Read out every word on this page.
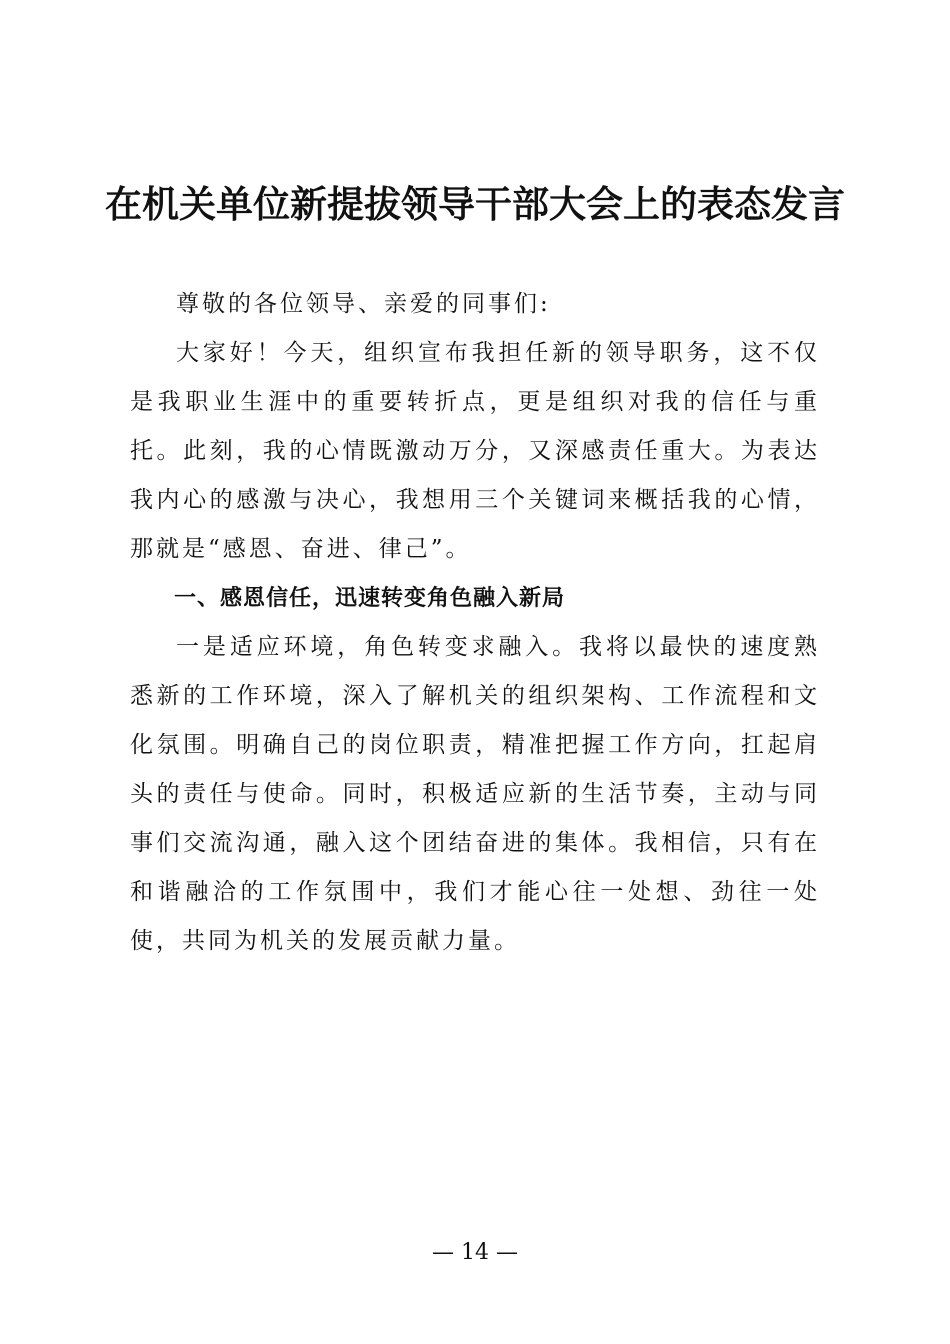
在机关单位新提拔领导干部大会上的表态发言

尊敬的各位领导、亲爱的同事们:

大家好！今天，组织宣布我担任新的领导职务，这不仅是我职业生涯中的重要转折点，更是组织对我的信任与重托。此刻，我的心情既激动万分，又深感责任重大。为表达我内心的感激与决心，我想用三个关键词来概括我的心情，那就是“感恩、奋进、律己”。

一、感恩信任，迅速转变角色融入新局

一是适应环境，角色转变求融入。我将以最快的速度熟悉新的工作环境，深入了解机关的组织架构、工作流程和文化氛围。明确自己的岗位职责，精准把握工作方向，扛起肩头的责任与使命。同时，积极适应新的生活节奏，主动与同事们交流沟通，融入这个团结奋进的集体。我相信，只有在和谐融洽的工作氛围中，我们才能心往一处想、劲往一处使，共同为机关的发展贡献力量。

— 14 —
